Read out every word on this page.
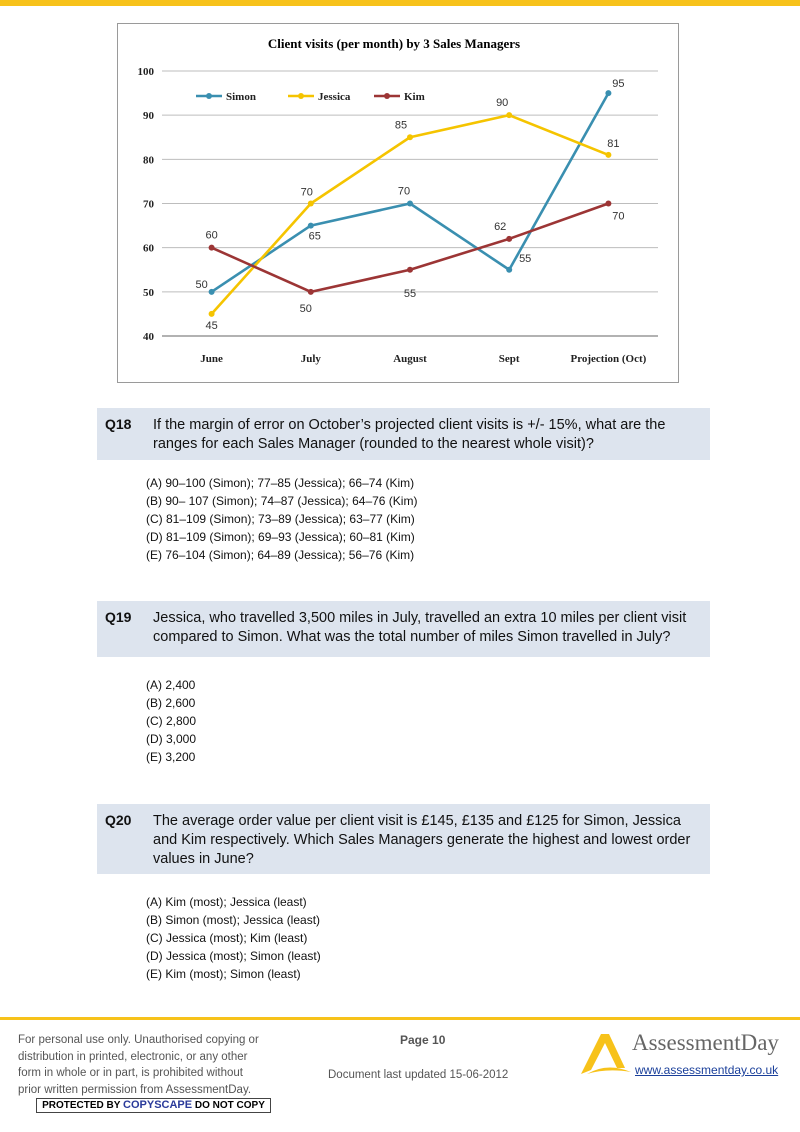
Client visits (per month) by 3 Sales Managers
40
50
60
70
80
90
100
June	July	August	Sept	Projection (Oct)
50
65
70
55
95
45
70
85
90
81
60
50
55
62
70
Simon	Jessica	Kim
Q18 If the margin of error on October’s projected client visits is +/- 15%, what are the ranges for each Sales Manager (rounded to the nearest whole visit)?
(A) 90–100 (Simon); 77–85 (Jessica); 66–74 (Kim)
(B) 90– 107 (Simon); 74–87 (Jessica); 64–76 (Kim)
(C) 81–109 (Simon); 73–89 (Jessica); 63–77 (Kim)
(D) 81–109 (Simon); 69–93 (Jessica); 60–81 (Kim)
(E) 76–104 (Simon); 64–89 (Jessica); 56–76 (Kim)
Q19 Jessica, who travelled 3,500 miles in July, travelled an extra 10 miles per client visit compared to Simon. What was the total number of miles Simon travelled in July?
(A) 2,400
(B) 2,600
(C) 2,800
(D) 3,000
(E) 3,200
Q20 The average order value per client visit is £145, £135 and £125 for Simon, Jessica and Kim respectively. Which Sales Managers generate the highest and lowest order values in June?
(A) Kim (most); Jessica (least)
(B) Simon (most); Jessica (least)
(C) Jessica (most); Kim (least)
(D) Jessica (most); Simon (least)
(E) Kim (most); Simon (least)
For personal use only. Unauthorised copying or
distribution in printed, electronic, or any other
form in whole or in part, is prohibited without
prior written permission from AssessmentDay.
PROTECTED BY COPYSCAPE DO NOT COPY
Page 10
Document last updated 15-06-2012
AssessmentDay
www.assessmentday.co.uk
